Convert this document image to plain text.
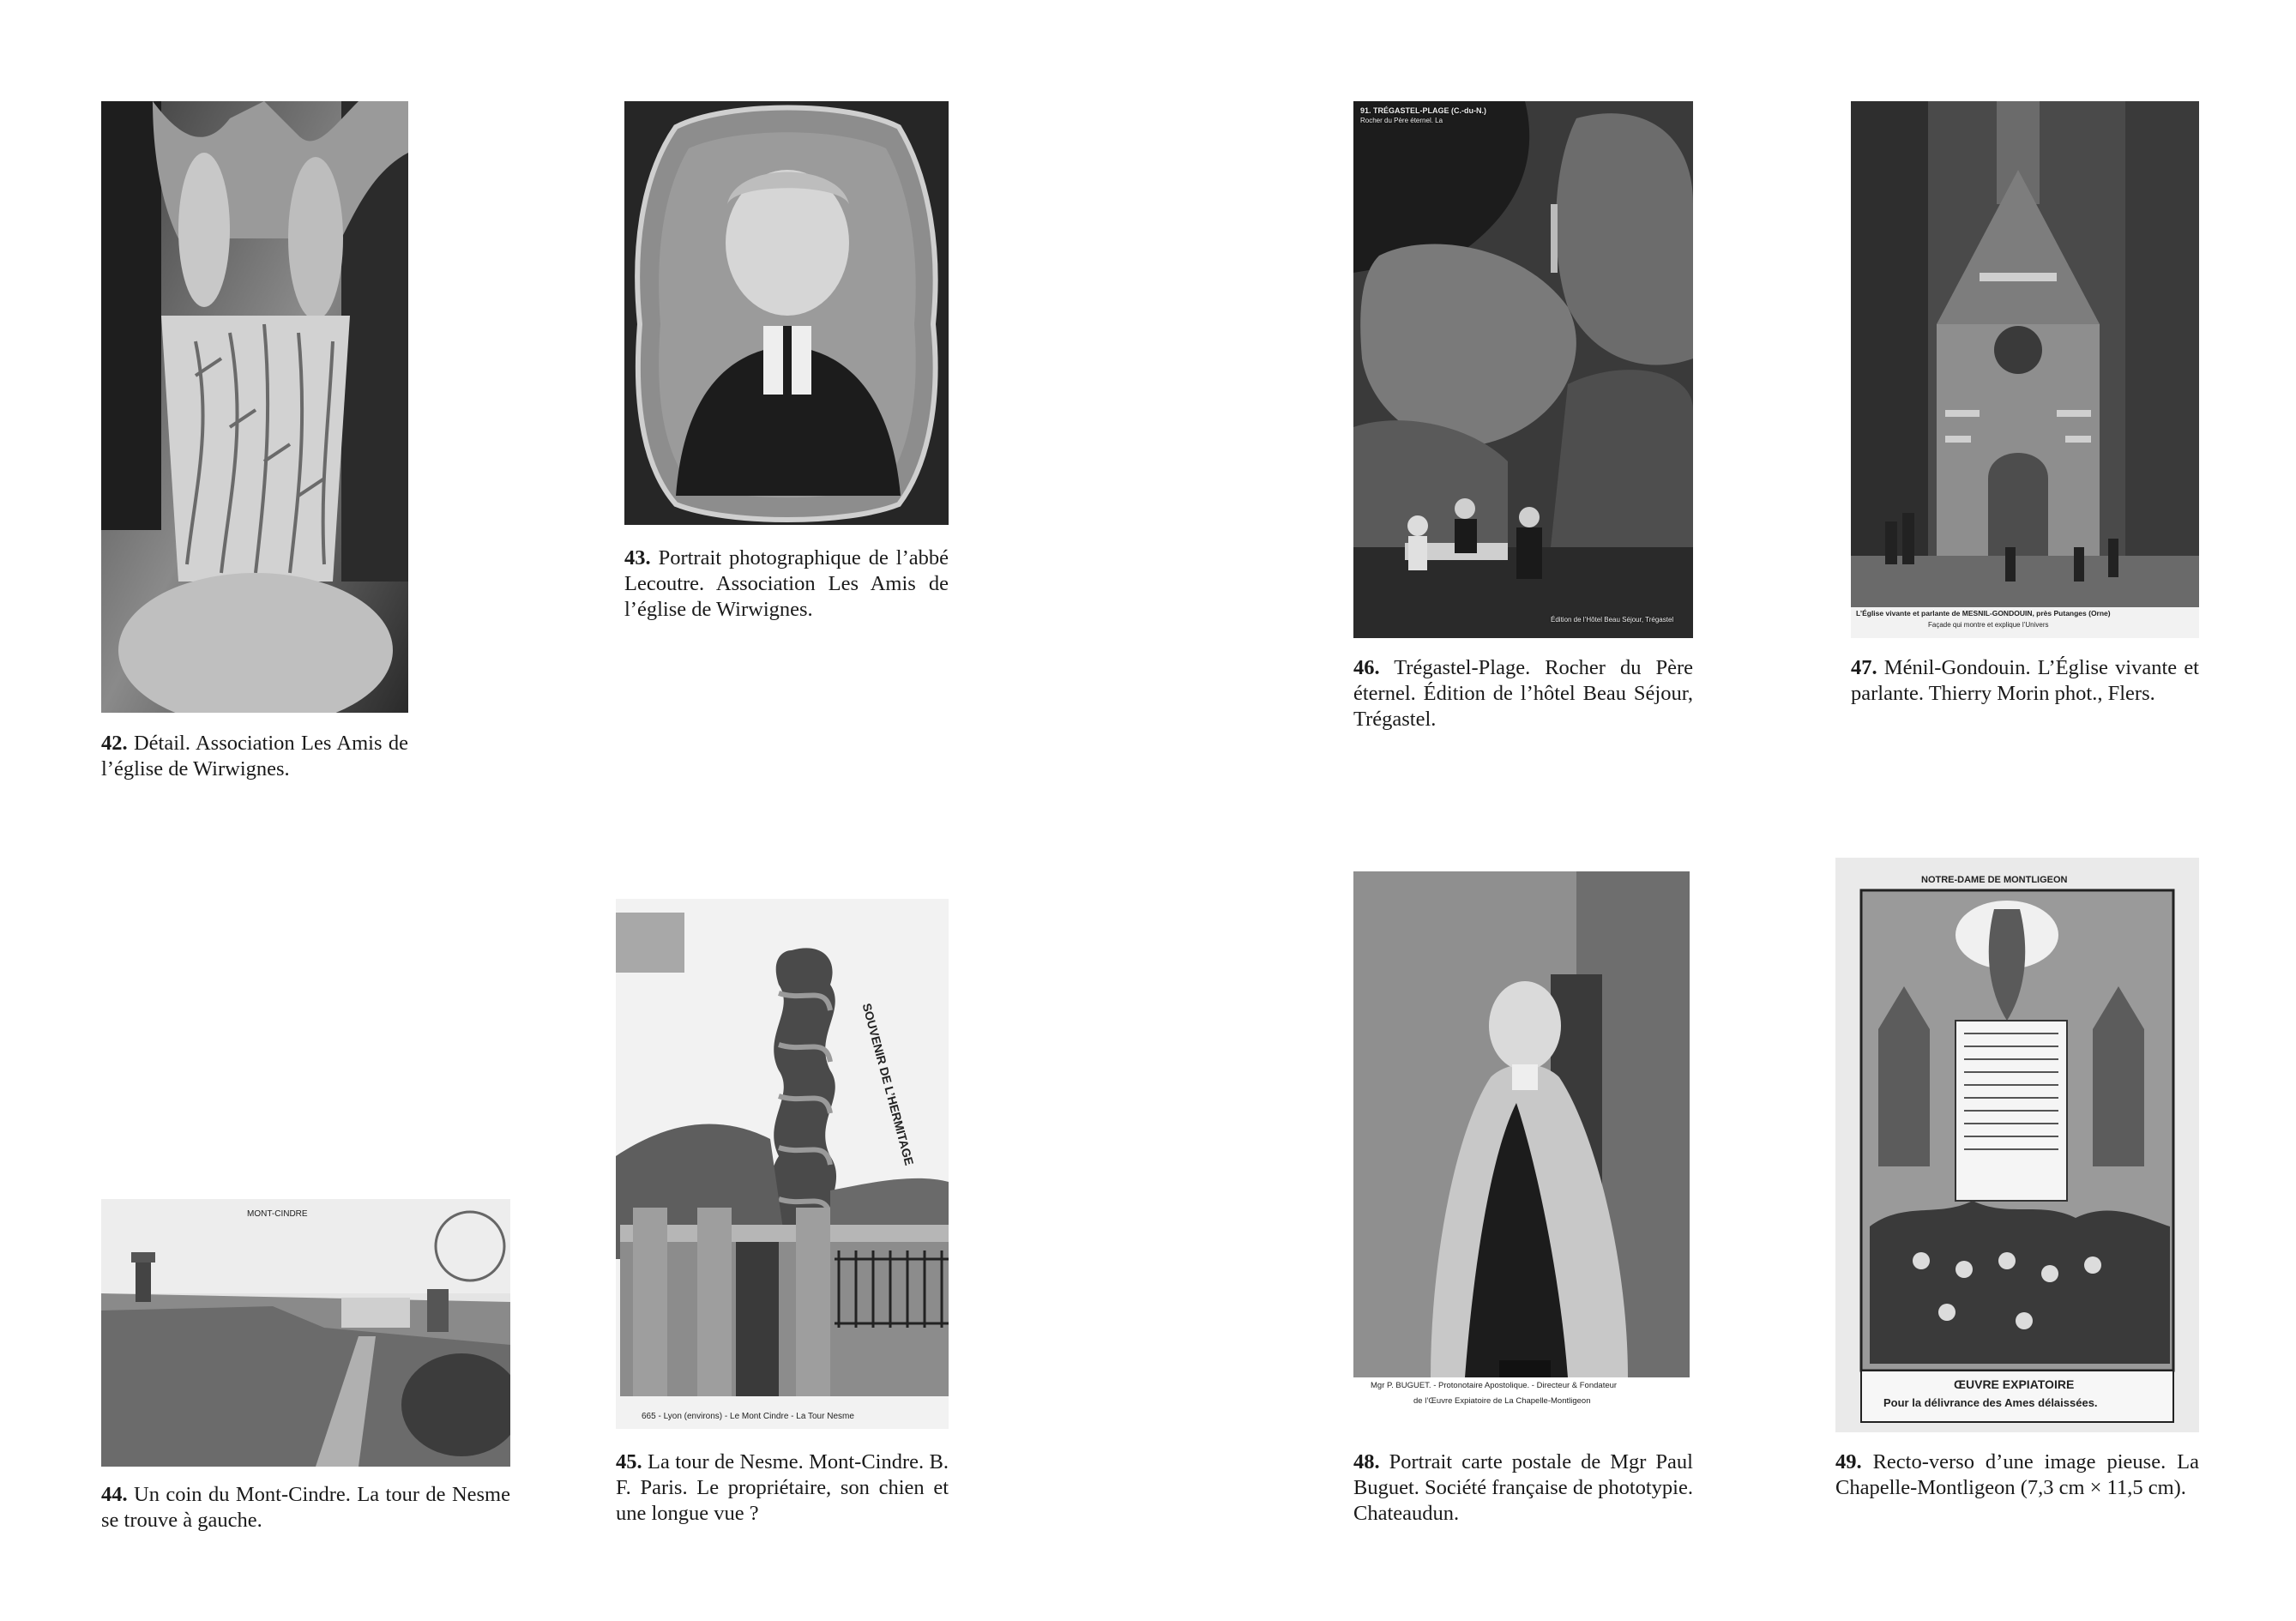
42. Détail. Association Les Amis de l’église de Wirwignes.
43. Portrait photographique de l’abbé Lecoutre. Association Les Amis de l’église de Wirwignes.
MONT-CINDRE
44. Un coin du Mont-Cindre. La tour de Nesme se trouve à gauche.
SOUVENIR DE L’HERMITAGE
665 - Lyon (environs) - Le Mont Cindre - La Tour Nesme
45. La tour de Nesme. Mont-Cindre. B. F. Paris. Le propriétaire, son chien et une longue vue ?
91. TRÉGASTEL-PLAGE (C.-du-N.)
Rocher du Père éternel. La
Édition de l’Hôtel Beau Séjour, Trégastel
46. Trégastel-Plage. Rocher du Père éternel. Édition de l’hôtel Beau Séjour, Trégastel.
L’Église vivante et parlante de MESNIL-GONDOUIN, près Putanges (Orne)
Façade qui montre et explique l’Univers
47. Ménil-Gondouin. L’Église vivante et parlante. Thierry Morin phot., Flers.
Mgr P. BUGUET. - Protonotaire Apostolique. - Directeur & Fondateur
de l’Œuvre Expiatoire de La Chapelle-Montligeon
48. Portrait carte postale de Mgr Paul Buguet. Société française de phototypie. Chateaudun.
NOTRE-DAME DE MONTLIGEON
ŒUVRE EXPIATOIRE
Pour la délivrance des Ames délaissées.
49. Recto-verso d’une image pieuse. La Chapelle-Montligeon (7,3 cm × 11,5 cm).
